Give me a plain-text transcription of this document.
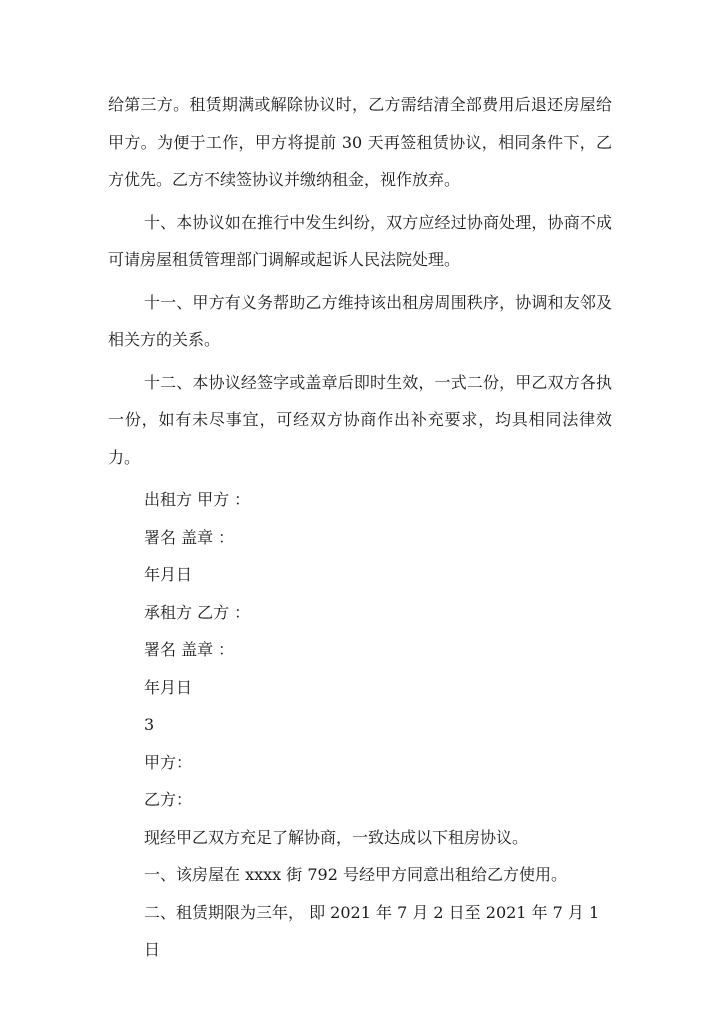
给第三方。租赁期满或解除协议时，乙方需结清全部费用后退还房屋给甲方。为便于工作，甲方将提前 30 天再签租赁协议，相同条件下，乙方优先。乙方不续签协议并缴纳租金，视作放弃。

十、本协议如在推行中发生纠纷，双方应经过协商处理，协商不成可请房屋租赁管理部门调解或起诉人民法院处理。

十一、甲方有义务帮助乙方维持该出租房周围秩序，协调和友邻及相关方的关系。

十二、本协议经签字或盖章后即时生效，一式二份，甲乙双方各执一份，如有未尽事宜，可经双方协商作出补充要求，均具相同法律效力。

出租方 甲方 ：

署名 盖章 ：

年月日

承租方 乙方 ：

署名 盖章 ：

年月日

3

甲方：

乙方：

现经甲乙双方充足了解协商，一致达成以下租房协议。

一、该房屋在 xxxx 街 792 号经甲方同意出租给乙方使用。

二、租赁期限为三年， 即 2021 年 7 月 2 日至 2021 年 7 月 1 日
